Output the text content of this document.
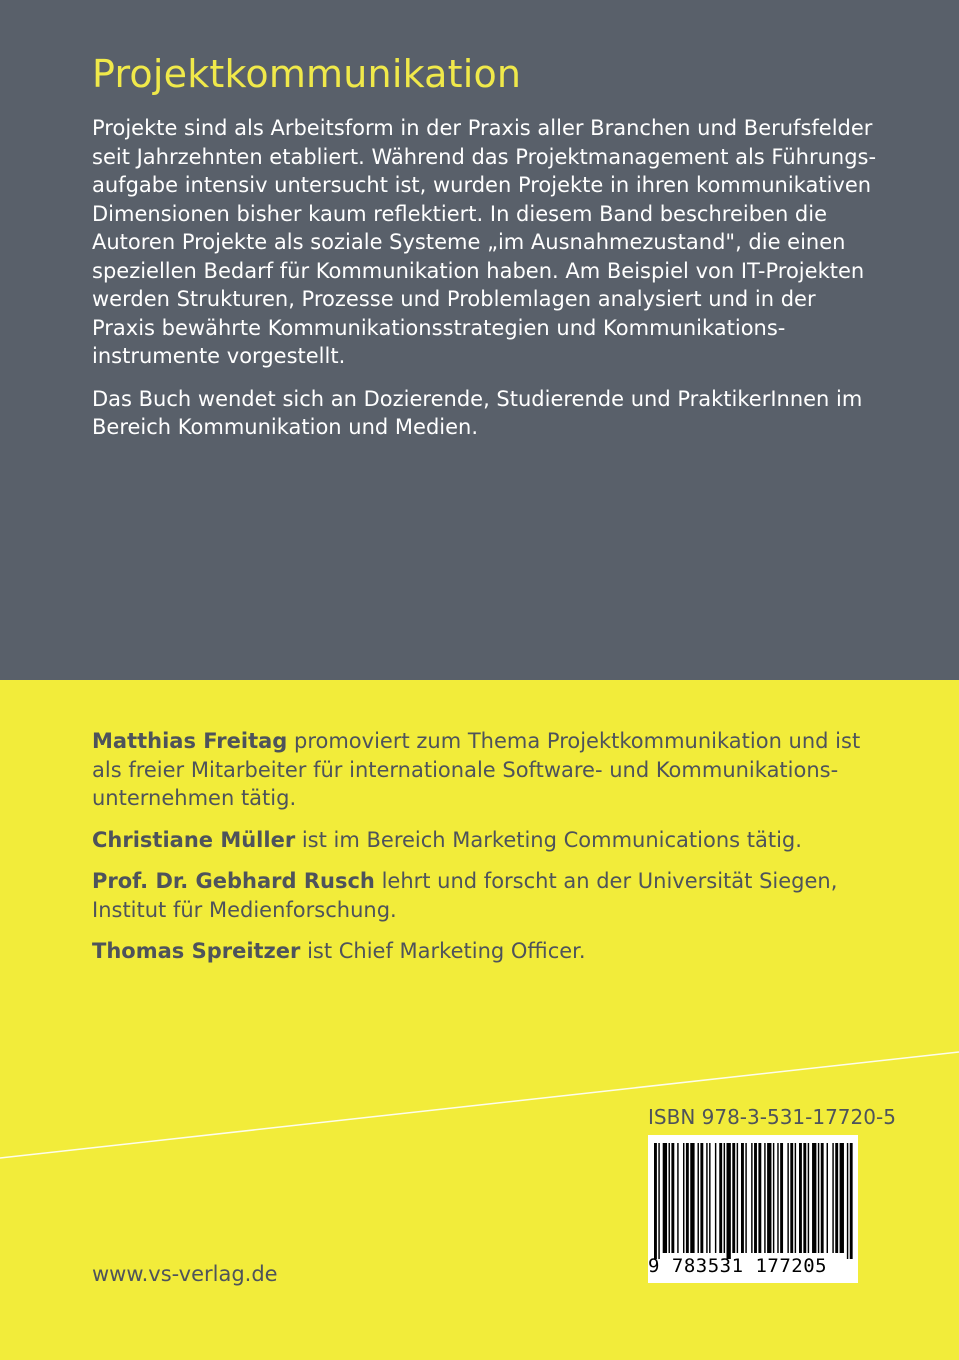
Projektkommunikation

Projekte sind als Arbeitsform in der Praxis aller Branchen und Berufsfelder
seit Jahrzehnten etabliert. Während das Projektmanagement als Führungs-
aufgabe intensiv untersucht ist, wurden Projekte in ihren kommunikativen
Dimensionen bisher kaum reflektiert. In diesem Band beschreiben die
Autoren Projekte als soziale Systeme „im Ausnahmezustand", die einen
speziellen Bedarf für Kommunikation haben. Am Beispiel von IT-Projekten
werden Strukturen, Prozesse und Problemlagen analysiert und in der
Praxis bewährte Kommunikationsstrategien und Kommunikations-
instrumente vorgestellt.

Das Buch wendet sich an Dozierende, Studierende und PraktikerInnen im
Bereich Kommunikation und Medien.

Matthias Freitag promoviert zum Thema Projektkommunikation und ist
als freier Mitarbeiter für internationale Software- und Kommunikations-
unternehmen tätig.

Christiane Müller ist im Bereich Marketing Communications tätig.

Prof. Dr. Gebhard Rusch lehrt und forscht an der Universität Siegen,
Institut für Medienforschung.

Thomas Spreitzer ist Chief Marketing Officer.

ISBN 978-3-531-17720-5
9 783531 177205
www.vs-verlag.de
